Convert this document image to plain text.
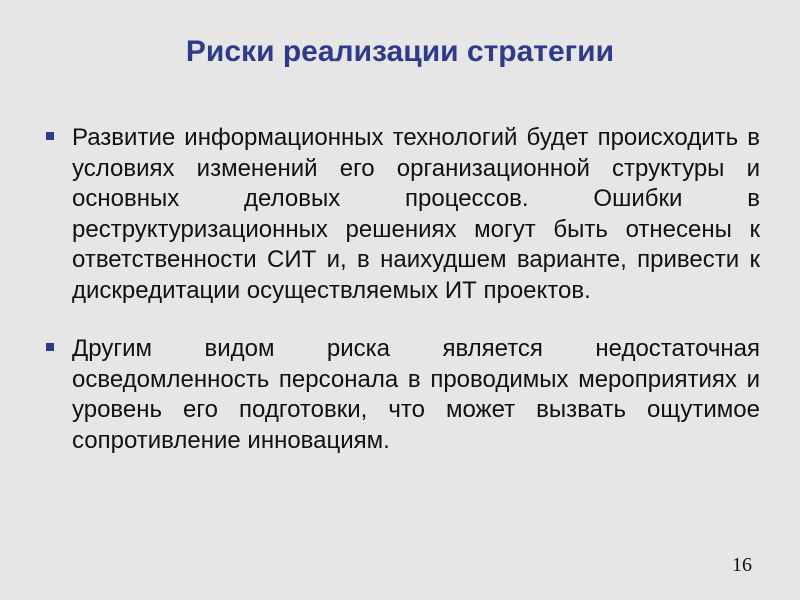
Риски реализации стратегии
Развитие информационных технологий будет происходить в условиях изменений его организационной структуры и основных деловых процессов. Ошибки в реструктуризационных решениях могут быть отнесены к ответственности СИТ и, в наихудшем варианте, привести к дискредитации осуществляемых ИТ проектов.
Другим видом риска является недостаточная осведомленность персонала в проводимых мероприятиях и уровень его подготовки, что может вызвать ощутимое сопротивление инновациям.
16
